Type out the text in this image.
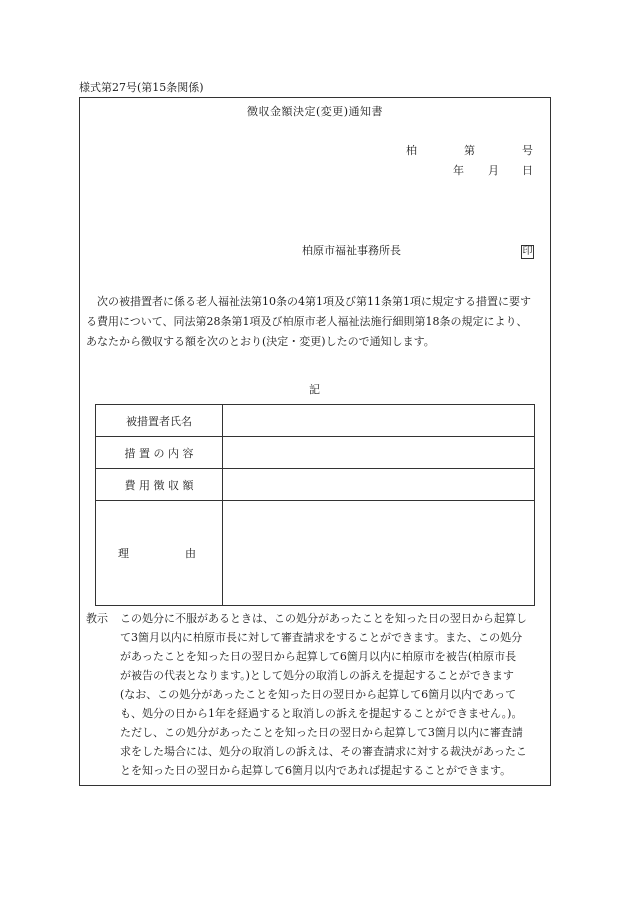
様式第27号(第15条関係)
徴収金額決定(変更)通知書
柏	第	号
年 月 日
柏原市福祉事務所長	印
　次の被措置者に係る老人福祉法第10条の4第1項及び第11条第1項に規定する措置に要す
る費用について、同法第28条第1項及び柏原市老人福祉法施行細則第18条の規定により、
あなたから徴収する額を次のとおり(決定・変更)したので通知します。
記
被措置者氏名	
措 置 の 内 容	
費 用 徴 収 額	

理 由	

教示 この処分に不服があるときは、この処分があったことを知った日の翌日から起算し
て3箇月以内に柏原市長に対して審査請求をすることができます。また、この処分
があったことを知った日の翌日から起算して6箇月以内に柏原市を被告(柏原市長
が被告の代表となります。)として処分の取消しの訴えを提起することができます
(なお、この処分があったことを知った日の翌日から起算して6箇月以内であって
も、処分の日から1年を経過すると取消しの訴えを提起することができません。)。
ただし、この処分があったことを知った日の翌日から起算して3箇月以内に審査請
求をした場合には、処分の取消しの訴えは、その審査請求に対する裁決があったこ
とを知った日の翌日から起算して6箇月以内であれば提起することができます。
